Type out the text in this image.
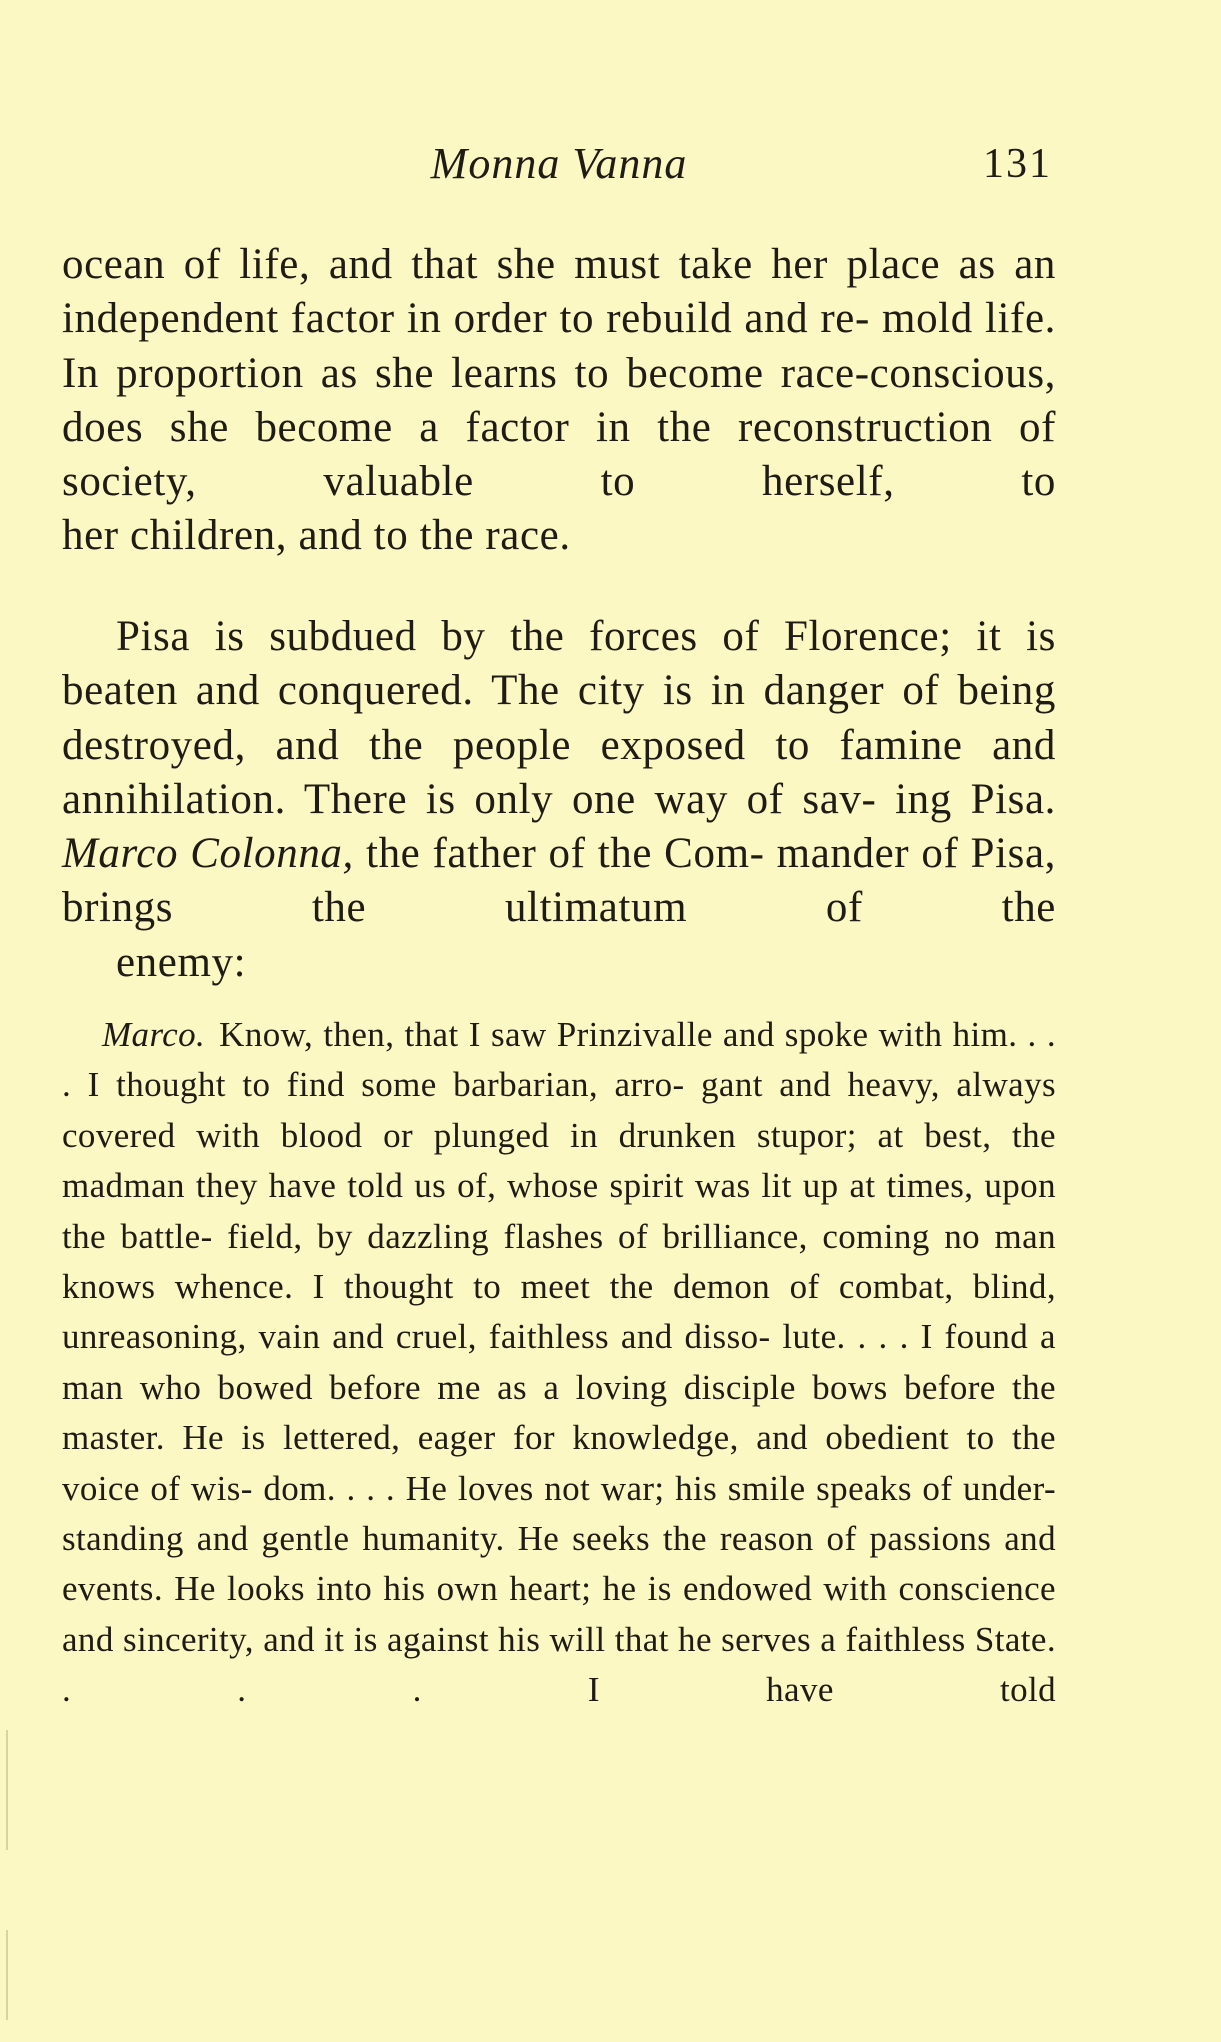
Monna Vanna	131

ocean of life, and that she must take her place as an independent factor in order to rebuild and re- mold life. In proportion as she learns to become race-conscious, does she become a factor in the reconstruction of society, valuable to herself, to
her children, and to the race.

Pisa is subdued by the forces of Florence; it is beaten and conquered. The city is in danger of being destroyed, and the people exposed to famine and annihilation. There is only one way of sav- ing Pisa. Marco Colonna, the father of the Com- mander of Pisa, brings the ultimatum of the
enemy:

Marco. Know, then, that I saw Prinzivalle and spoke with him. . . . I thought to find some barbarian, arro- gant and heavy, always covered with blood or plunged in drunken stupor; at best, the madman they have told us of, whose spirit was lit up at times, upon the battle- field, by dazzling flashes of brilliance, coming no man knows whence. I thought to meet the demon of combat, blind, unreasoning, vain and cruel, faithless and disso- lute. . . . I found a man who bowed before me as a loving disciple bows before the master. He is lettered, eager for knowledge, and obedient to the voice of wis- dom. . . . He loves not war; his smile speaks of under- standing and gentle humanity. He seeks the reason of passions and events. He looks into his own heart; he is endowed with conscience and sincerity, and it is against his will that he serves a faithless State. . . . I have told
